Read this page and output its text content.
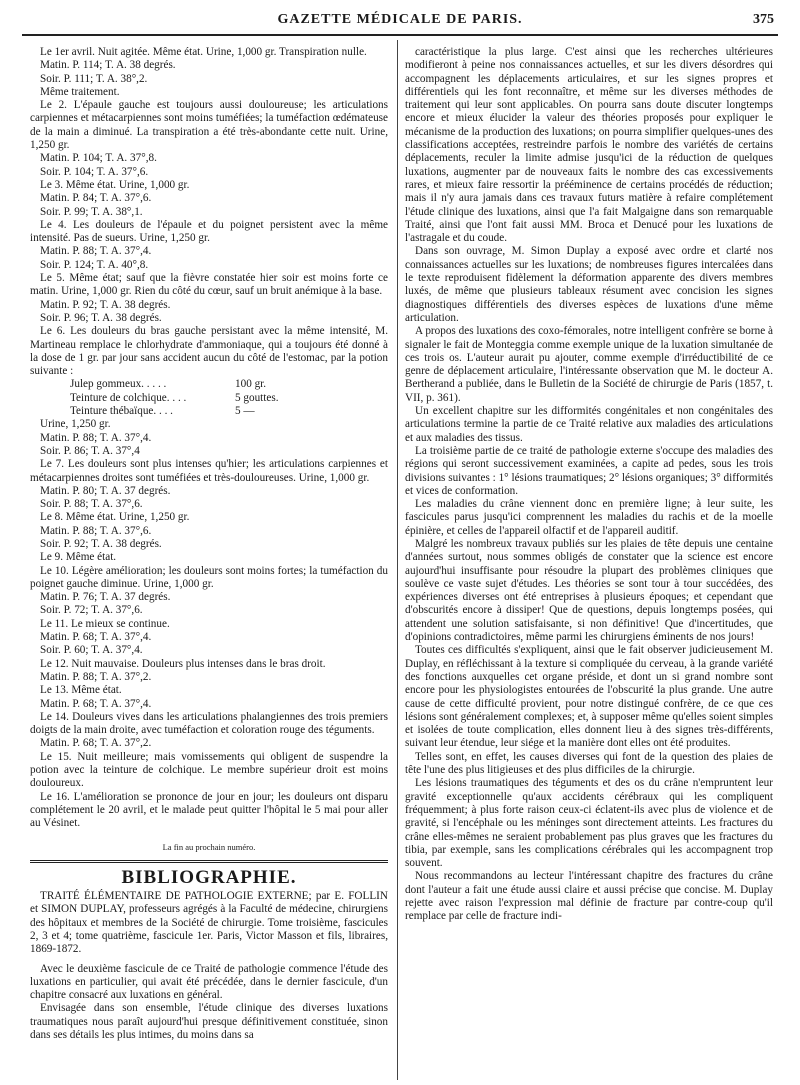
GAZETTE MÉDICALE DE PARIS.	375

Le 1er avril. Nuit agitée. Même état. Urine, 1,000 gr. Transpiration nulle.

Matin. P. 114; T. A. 38 degrés.

Soir. P. 111; T. A. 38°,2.

Même traitement.

Le 2. L'épaule gauche est toujours aussi douloureuse; les articulations carpiennes et métacarpiennes sont moins tuméfiées; la tuméfaction œdémateuse de la main a diminué. La transpiration a été très-abondante cette nuit. Urine, 1,250 gr.

Matin. P. 104; T. A. 37°,8.

Soir. P. 104; T. A. 37°,6.

Le 3. Même état. Urine, 1,000 gr.

Matin. P. 84; T. A. 37°,6.

Soir. P. 99; T. A. 38°,1.

Le 4. Les douleurs de l'épaule et du poignet persistent avec la même intensité. Pas de sueurs. Urine, 1,250 gr.

Matin. P. 88; T. A. 37°,4.

Soir. P. 124; T. A. 40°,8.

Le 5. Même état; sauf que la fièvre constatée hier soir est moins forte ce matin. Urine, 1,000 gr. Rien du côté du cœur, sauf un bruit anémique à la base.

Matin. P. 92; T. A. 38 degrés.

Soir. P. 96; T. A. 38 degrés.

Le 6. Les douleurs du bras gauche persistant avec la même intensité, M. Martineau remplace le chlorhydrate d'ammoniaque, qui a toujours été donné à la dose de 1 gr. par jour sans accident aucun du côté de l'estomac, par la potion suivante :

Julep gommeux. . . . .	100 gr.
Teinture de colchique. . . .	5 gouttes.
Teinture thébaïque. . . .	5 —

Urine, 1,250 gr.

Matin. P. 88; T. A. 37°,4.

Soir. P. 86; T. A. 37°,4

Le 7. Les douleurs sont plus intenses qu'hier; les articulations carpiennes et métacarpiennes droites sont tuméfiées et très-douloureuses. Urine, 1,000 gr.

Matin. P. 80; T. A. 37 degrés.

Soir. P. 88; T. A. 37°,6.

Le 8. Même état. Urine, 1,250 gr.

Matin. P. 88; T. A. 37°,6.

Soir. P. 92; T. A. 38 degrés.

Le 9. Même état.

Le 10. Légère amélioration; les douleurs sont moins fortes; la tuméfaction du poignet gauche diminue. Urine, 1,000 gr.

Matin. P. 76; T. A. 37 degrés.

Soir. P. 72; T. A. 37°,6.

Le 11. Le mieux se continue.

Matin. P. 68; T. A. 37°,4.

Soir. P. 60; T. A. 37°,4.

Le 12. Nuit mauvaise. Douleurs plus intenses dans le bras droit.

Matin. P. 88; T. A. 37°,2.

Le 13. Même état.

Matin. P. 68; T. A. 37°,4.

Le 14. Douleurs vives dans les articulations phalangiennes des trois premiers doigts de la main droite, avec tuméfaction et coloration rouge des téguments.

Matin. P. 68; T. A. 37°,2.

Le 15. Nuit meilleure; mais vomissements qui obligent de suspendre la potion avec la teinture de colchique. Le membre supérieur droit est moins douloureux.

Le 16. L'amélioration se prononce de jour en jour; les douleurs ont disparu complétement le 20 avril, et le malade peut quitter l'hôpital le 5 mai pour aller au Vésinet.

La fin au prochain numéro.
BIBLIOGRAPHIE.

TRAITÉ ÉLÉMENTAIRE DE PATHOLOGIE EXTERNE; par E. FOLLIN et SIMON DUPLAY, professeurs agrégés à la Faculté de médecine, chirurgiens des hôpitaux et membres de la Société de chirurgie. Tome troisième, fascicules 2, 3 et 4; tome quatrième, fascicule 1er. Paris, Victor Masson et fils, libraires, 1869-1872.

Avec le deuxième fascicule de ce Traité de pathologie commence l'étude des luxations en particulier, qui avait été précédée, dans le dernier fascicule, d'un chapitre consacré aux luxations en général.

Envisagée dans son ensemble, l'étude clinique des diverses luxations traumatiques nous paraît aujourd'hui presque définitivement constituée, sinon dans ses détails les plus intimes, du moins dans sa

caractéristique la plus large. C'est ainsi que les recherches ultérieures modifieront à peine nos connaissances actuelles, et sur les divers désordres qui accompagnent les déplacements articulaires, et sur les signes propres et différentiels qui les font reconnaître, et même sur les diverses méthodes de traitement qui leur sont applicables. On pourra sans doute discuter longtemps encore et mieux élucider la valeur des théories proposés pour expliquer le mécanisme de la production des luxations; on pourra simplifier quelques-unes des classifications acceptées, restreindre parfois le nombre des variétés de certains déplacements, reculer la limite admise jusqu'ici de la réduction de quelques luxations, augmenter par de nouveaux faits le nombre des cas excessivements rares, et mieux faire ressortir la prééminence de certains procédés de réduction; mais il n'y aura jamais dans ces travaux futurs matière à refaire complétement l'étude clinique des luxations, ainsi que l'a fait Malgaigne dans son remarquable Traité, ainsi que l'ont fait aussi MM. Broca et Denucé pour les luxations de l'astragale et du coude.

Dans son ouvrage, M. Simon Duplay a exposé avec ordre et clarté nos connaissances actuelles sur les luxations; de nombreuses figures intercalées dans le texte reproduisent fidèlement la déformation apparente des divers membres luxés, de même que plusieurs tableaux résument avec concision les signes diagnostiques différentiels des diverses espèces de luxations d'une même articulation.

A propos des luxations des coxo-fémorales, notre intelligent confrère se borne à signaler le fait de Monteggia comme exemple unique de la luxation simultanée de ces trois os. L'auteur aurait pu ajouter, comme exemple d'irréductibilité de ce genre de déplacement articulaire, l'intéressante observation que M. le docteur A. Bertherand a publiée, dans le Bulletin de la Société de chirurgie de Paris (1857, t. VII, p. 361).

Un excellent chapitre sur les difformités congénitales et non congénitales des articulations termine la partie de ce Traité relative aux maladies des articulations et aux maladies des tissus.

La troisième partie de ce traité de pathologie externe s'occupe des maladies des régions qui seront successivement examinées, a capite ad pedes, sous les trois divisions suivantes : 1° lésions traumatiques; 2° lésions organiques; 3° difformités et vices de conformation.

Les maladies du crâne viennent donc en première ligne; à leur suite, les fascicules parus jusqu'ici comprennent les maladies du rachis et de la moelle épinière, et celles de l'appareil olfactif et de l'appareil auditif.

Malgré les nombreux travaux publiés sur les plaies de tête depuis une centaine d'années surtout, nous sommes obligés de constater que la science est encore aujourd'hui insuffisante pour résoudre la plupart des problèmes cliniques que soulève ce vaste sujet d'études. Les théories se sont tour à tour succédées, des expériences diverses ont été entreprises à plusieurs époques; et cependant que d'obscurités encore à dissiper! Que de questions, depuis longtemps posées, qui attendent une solution satisfaisante, si non définitive! Que d'incertitudes, que d'opinions contradictoires, même parmi les chirurgiens éminents de nos jours!

Toutes ces difficultés s'expliquent, ainsi que le fait observer judicieusement M. Duplay, en réfléchissant à la texture si compliquée du cerveau, à la grande variété des fonctions auxquelles cet organe préside, et dont un si grand nombre sont encore pour les physiologistes entourées de l'obscurité la plus grande. Une autre cause de cette difficulté provient, pour notre distingué confrère, de ce que ces lésions sont généralement complexes; et, à supposer même qu'elles soient simples et isolées de toute complication, elles donnent lieu à des signes très-différents, suivant leur étendue, leur siége et la manière dont elles ont été produites.

Telles sont, en effet, les causes diverses qui font de la question des plaies de tête l'une des plus litigieuses et des plus difficiles de la chirurgie.

Les lésions traumatiques des téguments et des os du crâne n'empruntent leur gravité exceptionnelle qu'aux accidents cérébraux qui les compliquent fréquemment; à plus forte raison ceux-ci éclatent-ils avec plus de violence et de gravité, si l'encéphale ou les méninges sont directement atteints. Les fractures du crâne elles-mêmes ne seraient probablement pas plus graves que les fractures du tibia, par exemple, sans les complications cérébrales qui les accompagnent trop souvent.

Nous recommandons au lecteur l'intéressant chapitre des fractures du crâne dont l'auteur a fait une étude aussi claire et aussi précise que concise. M. Duplay rejette avec raison l'expression mal définie de fracture par contre-coup qu'il remplace par celle de fracture indi-
